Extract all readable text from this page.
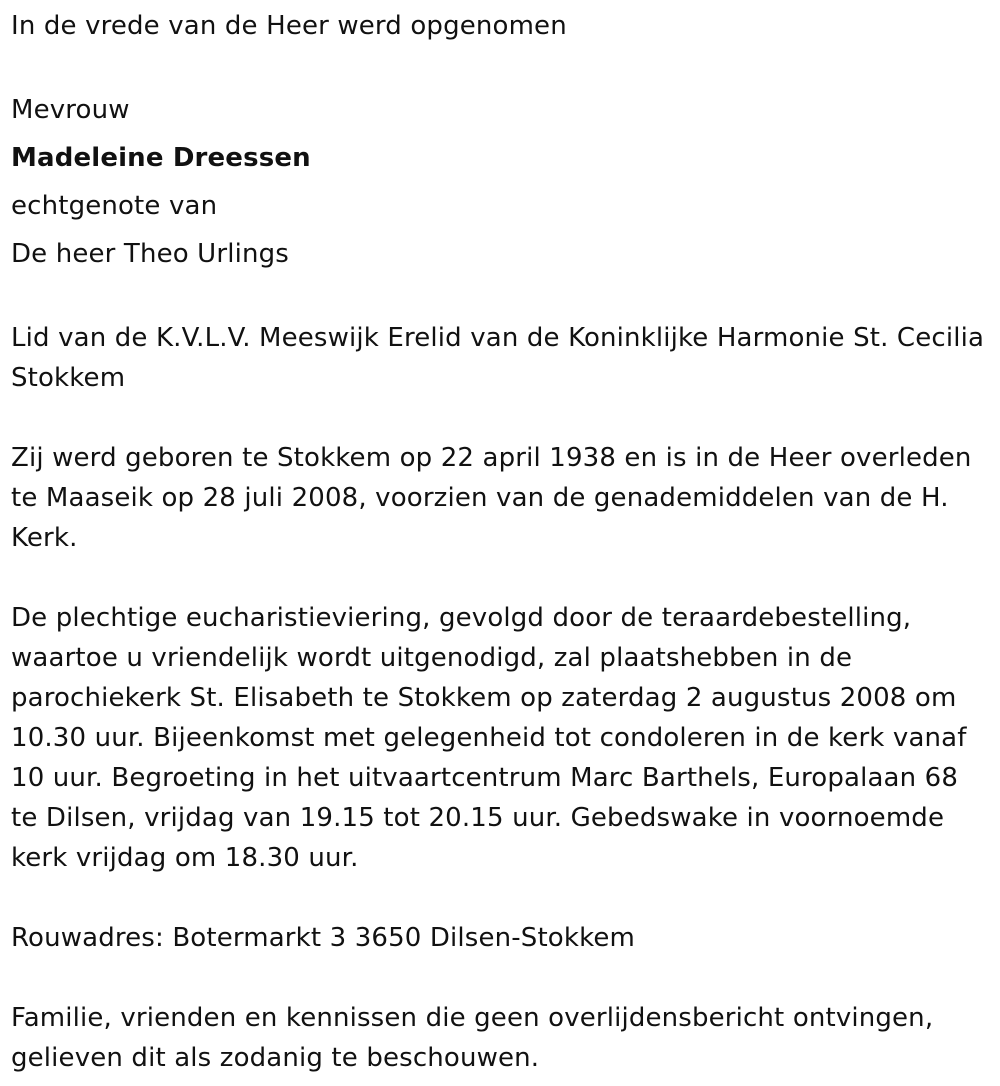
In de vrede van de Heer werd opgenomen

Mevrouw

Madeleine Dreessen

echtgenote van

De heer Theo Urlings

Lid van de K.V.L.V. Meeswijk Erelid van de Koninklijke Harmonie St. Cecilia Stokkem

Zij werd geboren te Stokkem op 22 april 1938 en is in de Heer overleden te Maaseik op 28 juli 2008, voorzien van de genademiddelen van de H. Kerk.

De plechtige eucharistieviering, gevolgd door de teraardebestelling, waartoe u vriendelijk wordt uitgenodigd, zal plaatshebben in de parochiekerk St. Elisabeth te Stokkem op zaterdag 2 augustus 2008 om 10.30 uur. Bijeenkomst met gelegenheid tot condoleren in de kerk vanaf 10 uur. Begroeting in het uitvaartcentrum Marc Barthels, Europalaan 68 te Dilsen, vrijdag van 19.15 tot 20.15 uur. Gebedswake in voornoemde kerk vrijdag om 18.30 uur.

Rouwadres: Botermarkt 3 3650 Dilsen-Stokkem

Familie, vrienden en kennissen die geen overlijdensbericht ontvingen, gelieven dit als zodanig te beschouwen.
